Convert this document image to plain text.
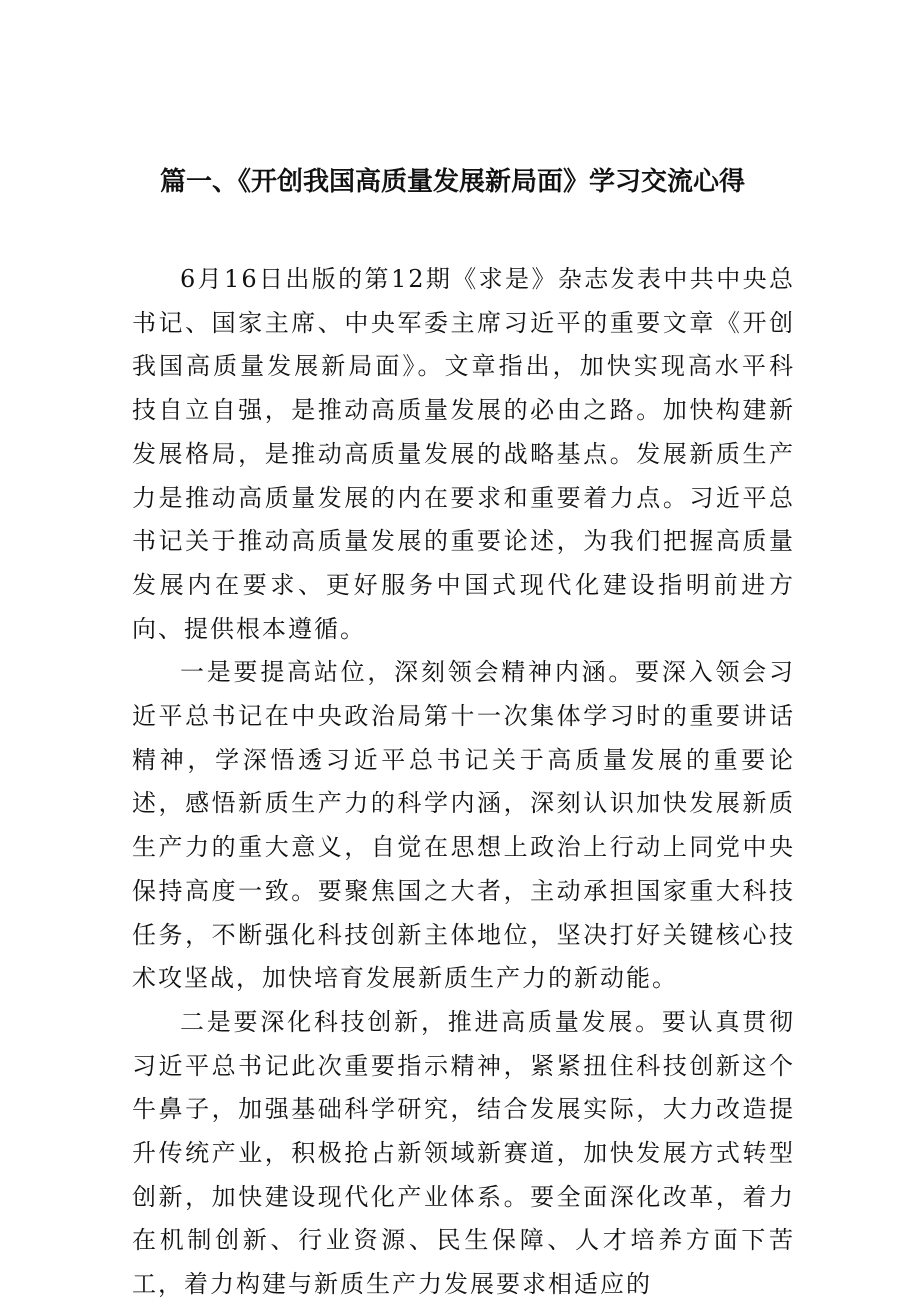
篇一、《开创我国高质量发展新局面》学习交流心得

6月16日出版的第12期《求是》杂志发表中共中央总书记、国家主席、中央军委主席习近平的重要文章《开创我国高质量发展新局面》。文章指出，加快实现高水平科技自立自强，是推动高质量发展的必由之路。加快构建新发展格局，是推动高质量发展的战略基点。发展新质生产力是推动高质量发展的内在要求和重要着力点。习近平总书记关于推动高质量发展的重要论述，为我们把握高质量发展内在要求、更好服务中国式现代化建设指明前进方向、提供根本遵循。

一是要提高站位，深刻领会精神内涵。要深入领会习近平总书记在中央政治局第十一次集体学习时的重要讲话精神，学深悟透习近平总书记关于高质量发展的重要论述，感悟新质生产力的科学内涵，深刻认识加快发展新质生产力的重大意义，自觉在思想上政治上行动上同党中央保持高度一致。要聚焦国之大者，主动承担国家重大科技任务，不断强化科技创新主体地位，坚决打好关键核心技术攻坚战，加快培育发展新质生产力的新动能。

二是要深化科技创新，推进高质量发展。要认真贯彻习近平总书记此次重要指示精神，紧紧扭住科技创新这个牛鼻子，加强基础科学研究，结合发展实际，大力改造提升传统产业，积极抢占新领域新赛道，加快发展方式转型创新，加快建设现代化产业体系。要全面深化改革，着力在机制创新、行业资源、民生保障、人才培养方面下苦工，着力构建与新质生产力发展要求相适应的
